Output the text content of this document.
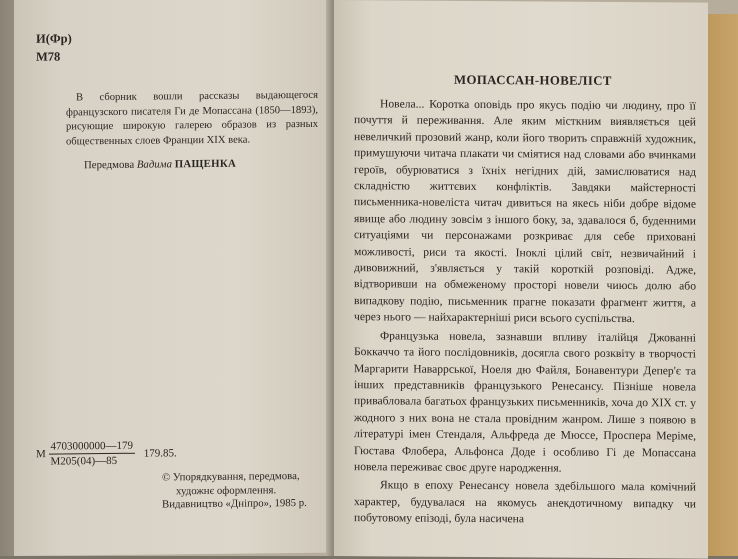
И(Фр)
М78
В сборник вошли рассказы выдающегося французского писателя Ги де Мопассана (1850—1893), рисующие широкую галерею образов из разных общественных слоев Франции XIX века.
Передмова Вадима ПАЩЕНКА
М $\frac{4703000000—179}{М205(04)—85} 179.85$.
© Упорядкування, передмова,
художнє оформлення.
Видавництво «Дніпро», 1985 р.
МОПАССАН-НОВЕЛІСТ

Новела... Коротка оповідь про якусь подію чи людину, про її почуття й переживання. Але яким місткним виявляється цей невеличкий прозовий жанр, коли його творить справжній художник, примушуючи читача плакати чи сміятися над словами або вчинками героїв, обурюватися з їхніх негідних дій, замислюватися над складністю життєвих конфліктів. Завдяки майстерності письменника-новеліста читач дивиться на якесь ніби добре відоме явище або людину зовсім з іншого боку, за, здавалося б, буденними ситуаціями чи персонажами розкриває для себе приховані можливості, риси та якості. Іноклі цілий світ, незвичайний і дивовижний, з'являється у такій короткій розповіді. Адже, відтворивши на обмеженому просторі новели чиюсь долю або випадкову подію, письменник прагне показати фрагмент життя, а через нього — найхарактерніші риси всього суспільства.

Французька новела, зазнавши впливу італійця Джованні Боккаччо та його послідовників, досягла свого розквіту в творчості Маргарити Наваррської, Ноеля дю Файля, Бонавентури Депер'є та інших представників французького Ренесансу. Пізніше новела привабловала багатьох французьких письменників, хоча до XIX ст. у жодного з них вона не стала провідним жанром. Лише з появою в літературі імен Стендаля, Альфреда де Мюссе, Проспера Меріме, Гюстава Флобера, Альфонса Доде і особливо Гі де Мопассана новела переживає своє друге народження.

Якщо в епоху Ренесансу новела здебільшого мала комічний характер, будувалася на якомусь анекдотичному випадку чи побутовому епізоді, була насичена
